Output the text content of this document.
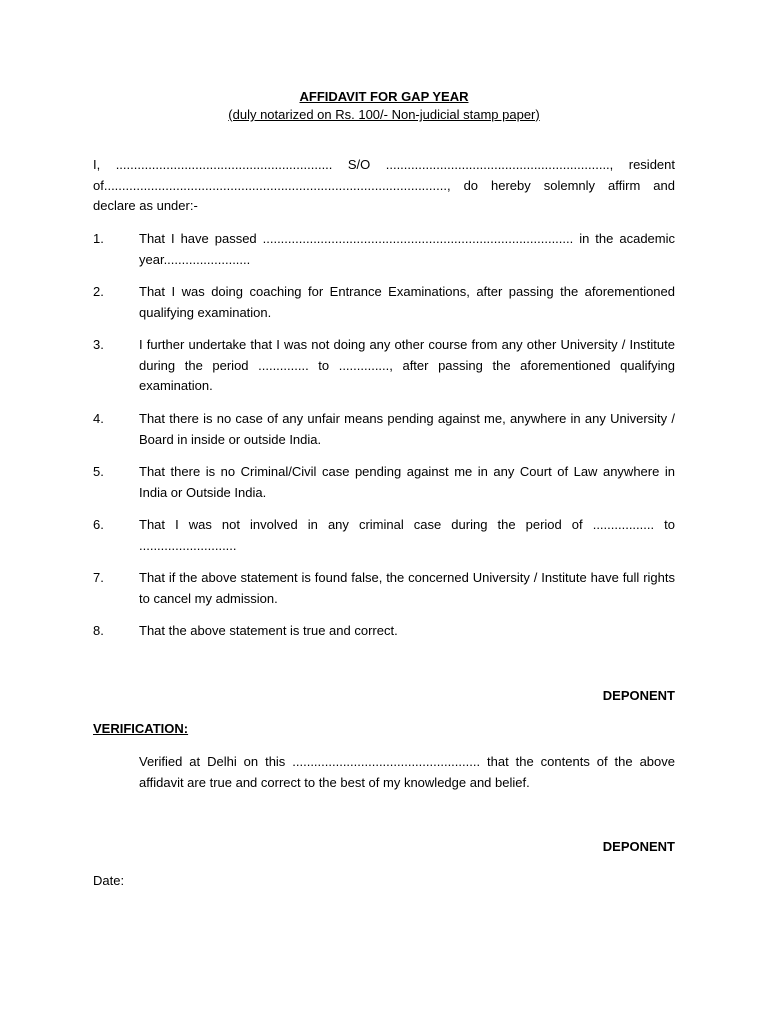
AFFIDAVIT FOR GAP YEAR
(duly notarized on Rs. 100/- Non-judicial stamp paper)
I, ............................................................ S/O .............................................................., resident
of..............................................................................................., do hereby solemnly affirm and
declare as under:-
1.	That I have passed ...................................................................................... in the academic year........................
2.	That I was doing coaching for Entrance Examinations, after passing the aforementioned qualifying examination.
3.	I further undertake that I was not doing any other course from any other University / Institute during the period .............. to .............., after passing the aforementioned qualifying examination.
4.	That there is no case of any unfair means pending against me, anywhere in any University / Board in inside or outside India.
5.	That there is no Criminal/Civil case pending against me in any Court of Law anywhere in India or Outside India.
6.	That I was not involved in any criminal case during the period of ................. to ...........................
7.	That if the above statement is found false, the concerned University / Institute have full rights to cancel my admission.
8.	That the above statement is true and correct.
DEPONENT
VERIFICATION:
Verified at Delhi on this .................................................... that the contents of the above affidavit are true and correct to the best of my knowledge and belief.
DEPONENT
Date:
